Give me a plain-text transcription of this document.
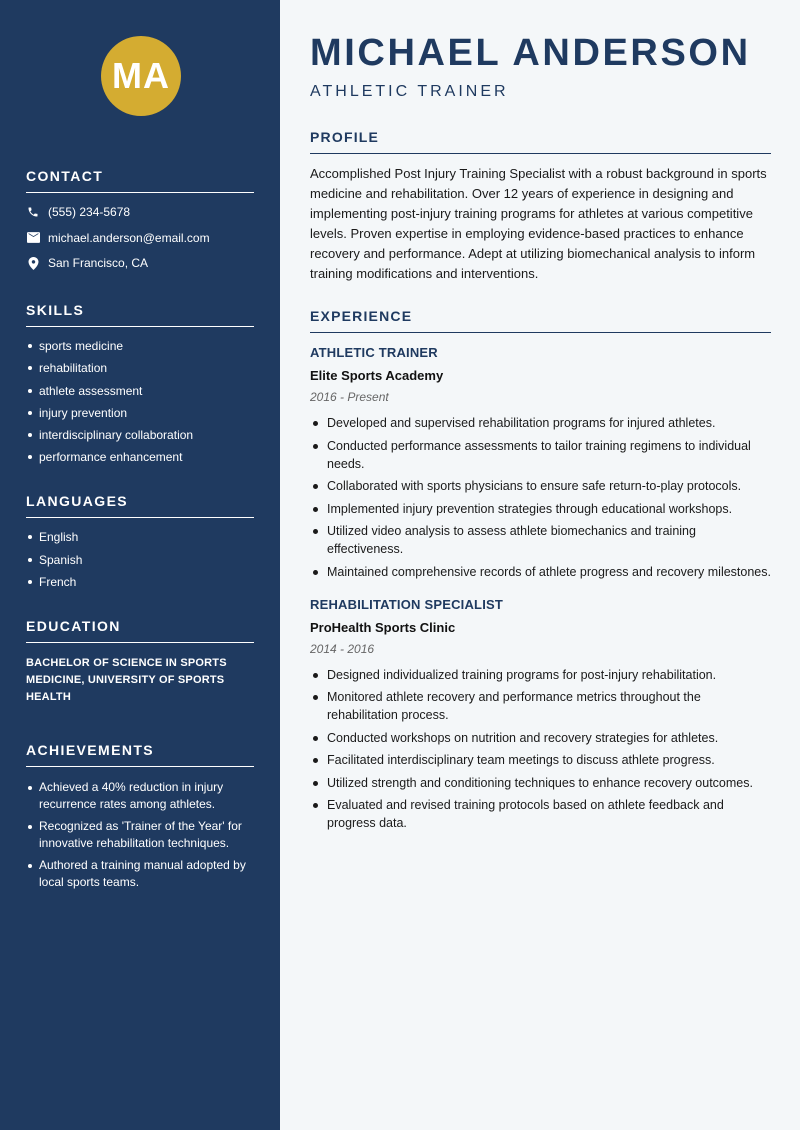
MA
CONTACT
(555) 234-5678
michael.anderson@email.com
San Francisco, CA
SKILLS
sports medicine
rehabilitation
athlete assessment
injury prevention
interdisciplinary collaboration
performance enhancement
LANGUAGES
English
Spanish
French
EDUCATION
BACHELOR OF SCIENCE IN SPORTS MEDICINE, UNIVERSITY OF SPORTS HEALTH
ACHIEVEMENTS
Achieved a 40% reduction in injury recurrence rates among athletes.
Recognized as 'Trainer of the Year' for innovative rehabilitation techniques.
Authored a training manual adopted by local sports teams.
MICHAEL ANDERSON
ATHLETIC TRAINER
PROFILE

Accomplished Post Injury Training Specialist with a robust background in sports medicine and rehabilitation. Over 12 years of experience in designing and implementing post-injury training programs for athletes at various competitive levels. Proven expertise in employing evidence-based practices to enhance recovery and performance. Adept at utilizing biomechanical analysis to inform training modifications and interventions.

EXPERIENCE
ATHLETIC TRAINER
Elite Sports Academy
2016 - Present
Developed and supervised rehabilitation programs for injured athletes.
Conducted performance assessments to tailor training regimens to individual needs.
Collaborated with sports physicians to ensure safe return-to-play protocols.
Implemented injury prevention strategies through educational workshops.
Utilized video analysis to assess athlete biomechanics and training effectiveness.
Maintained comprehensive records of athlete progress and recovery milestones.
REHABILITATION SPECIALIST
ProHealth Sports Clinic
2014 - 2016
Designed individualized training programs for post-injury rehabilitation.
Monitored athlete recovery and performance metrics throughout the rehabilitation process.
Conducted workshops on nutrition and recovery strategies for athletes.
Facilitated interdisciplinary team meetings to discuss athlete progress.
Utilized strength and conditioning techniques to enhance recovery outcomes.
Evaluated and revised training protocols based on athlete feedback and progress data.
